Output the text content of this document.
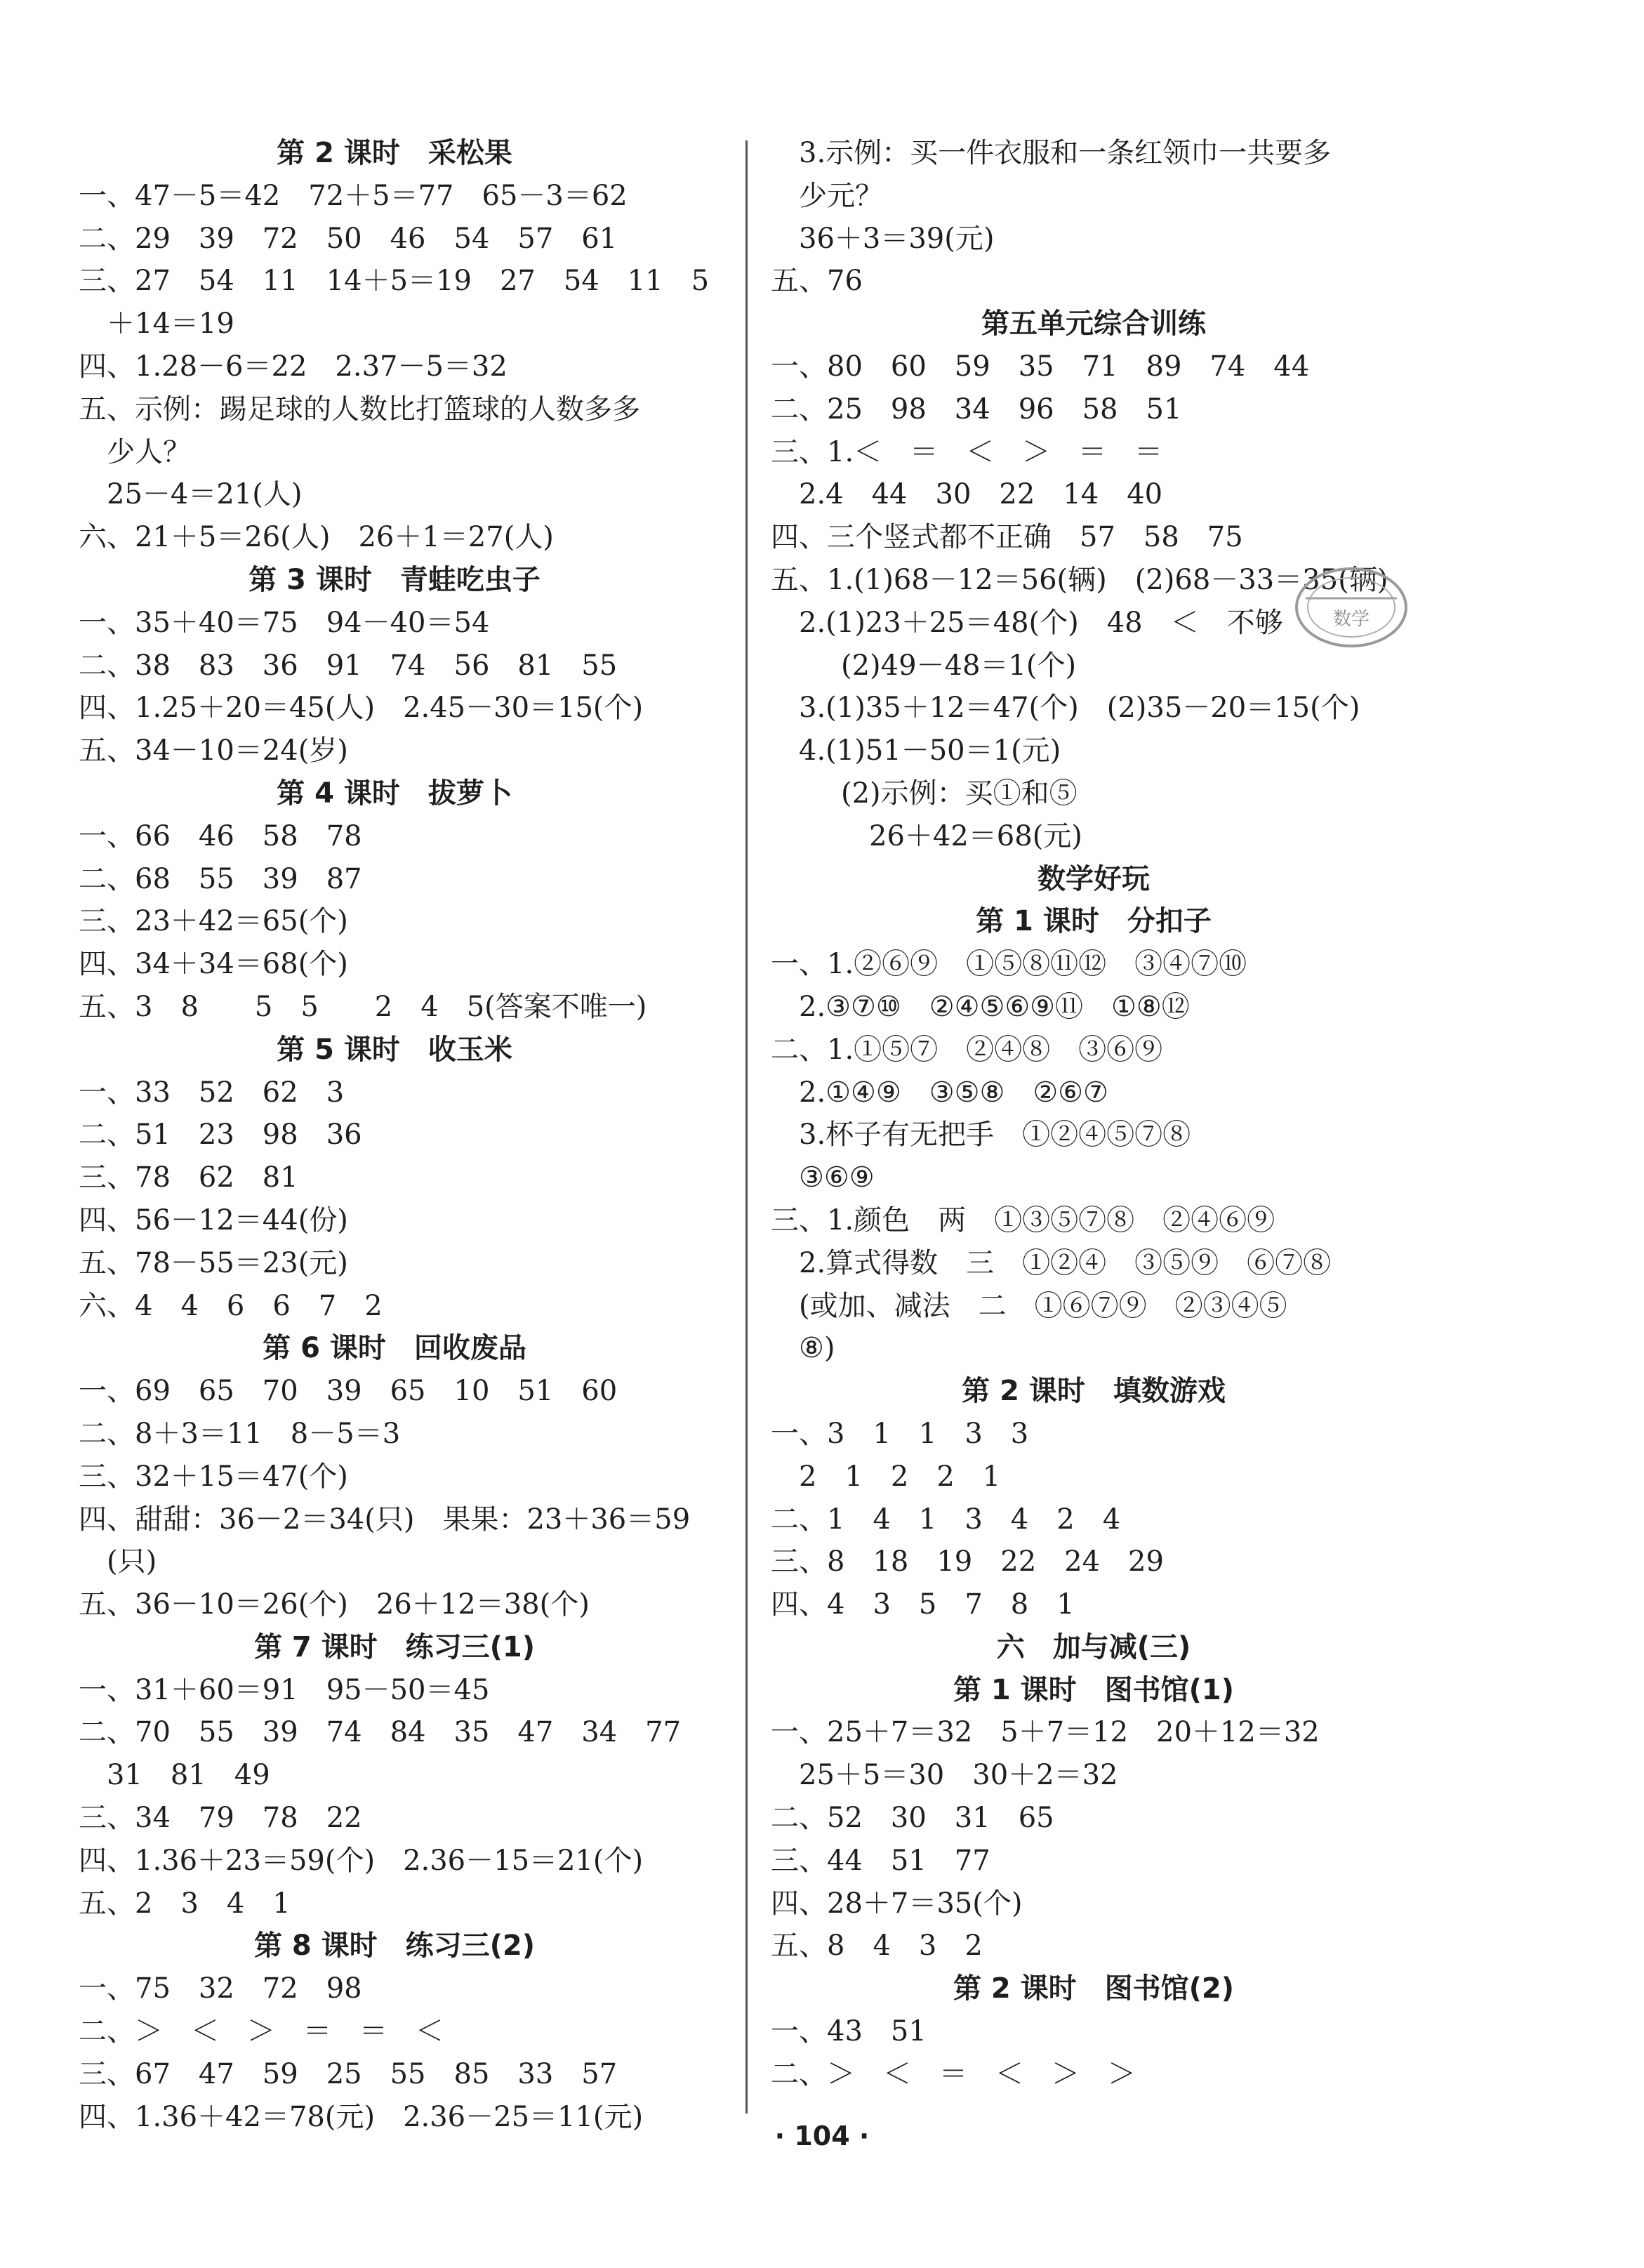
第 2 课时　采松果
一、47－5＝42　72＋5＝77　65－3＝62
二、29　39　72　50　46　54　57　61
三、27　54　11　14＋5＝19　27　54　11　5
＋14＝19
四、1.28－6＝22　2.37－5＝32
五、示例：踢足球的人数比打篮球的人数多多
少人？
25－4＝21(人)
六、21＋5＝26(人)　26＋1＝27(人)
第 3 课时　青蛙吃虫子
一、35＋40＝75　94－40＝54
二、38　83　36　91　74　56　81　55
四、1.25＋20＝45(人)　2.45－30＝15(个)
五、34－10＝24(岁)
第 4 课时　拔萝卜
一、66　46　58　78
二、68　55　39　87
三、23＋42＝65(个)
四、34＋34＝68(个)
五、3　8　　5　5　　2　4　5(答案不唯一)
第 5 课时　收玉米
一、33　52　62　3
二、51　23　98　36
三、78　62　81
四、56－12＝44(份)
五、78－55＝23(元)
六、4　4　6　6　7　2
第 6 课时　回收废品
一、69　65　70　39　65　10　51　60
二、8＋3＝11　8－5＝3
三、32＋15＝47(个)
四、甜甜：36－2＝34(只)　果果：23＋36＝59
(只)
五、36－10＝26(个)　26＋12＝38(个)
第 7 课时　练习三(1)
一、31＋60＝91　95－50＝45
二、70　55　39　74　84　35　47　34　77
31　81　49
三、34　79　78　22
四、1.36＋23＝59(个)　2.36－15＝21(个)
五、2　3　4　1
第 8 课时　练习三(2)
一、75　32　72　98
二、＞　＜　＞　＝　＝　＜
三、67　47　59　25　55　85　33　57
四、1.36＋42＝78(元)　2.36－25＝11(元)
3.示例：买一件衣服和一条红领巾一共要多
少元？
36＋3＝39(元)
五、76
第五单元综合训练
一、80　60　59　35　71　89　74　44
二、25　98　34　96　58　51
三、1.＜　＝　＜　＞　＝　＝
2.4　44　30　22　14　40
四、三个竖式都不正确　57　58　75
五、1.(1)68－12＝56(辆)　(2)68－33＝35(辆)
2.(1)23＋25＝48(个)　48　＜　不够
(2)49－48＝1(个)
3.(1)35＋12＝47(个)　(2)35－20＝15(个)
4.(1)51－50＝1(元)
(2)示例：买①和⑤
　26＋42＝68(元)
数学好玩
第 1 课时　分扣子
一、1.②⑥⑨　①⑤⑧⑪⑫　③④⑦⑩
2.③⑦⑩　②④⑤⑥⑨⑪　①⑧⑫
二、1.①⑤⑦　②④⑧　③⑥⑨
2.①④⑨　③⑤⑧　②⑥⑦
3.杯子有无把手　①②④⑤⑦⑧
③⑥⑨
三、1.颜色　两　①③⑤⑦⑧　②④⑥⑨
2.算式得数　三　①②④　③⑤⑨　⑥⑦⑧
(或加、减法　二　①⑥⑦⑨　②③④⑤
⑧)
第 2 课时　填数游戏
一、3　1　1　3　3
2　1　2　2　1
二、1　4　1　3　4　2　4
三、8　18　19　22　24　29
四、4　3　5　7　8　1
六　加与减(三)
第 1 课时　图书馆(1)
一、25＋7＝32　5＋7＝12　20＋12＝32
25＋5＝30　30＋2＝32
二、52　30　31　65
三、44　51　77
四、28＋7＝35(个)
五、8　4　3　2
第 2 课时　图书馆(2)
一、43　51
二、＞　＜　＝　＜　＞　＞
数学
· 104 ·
